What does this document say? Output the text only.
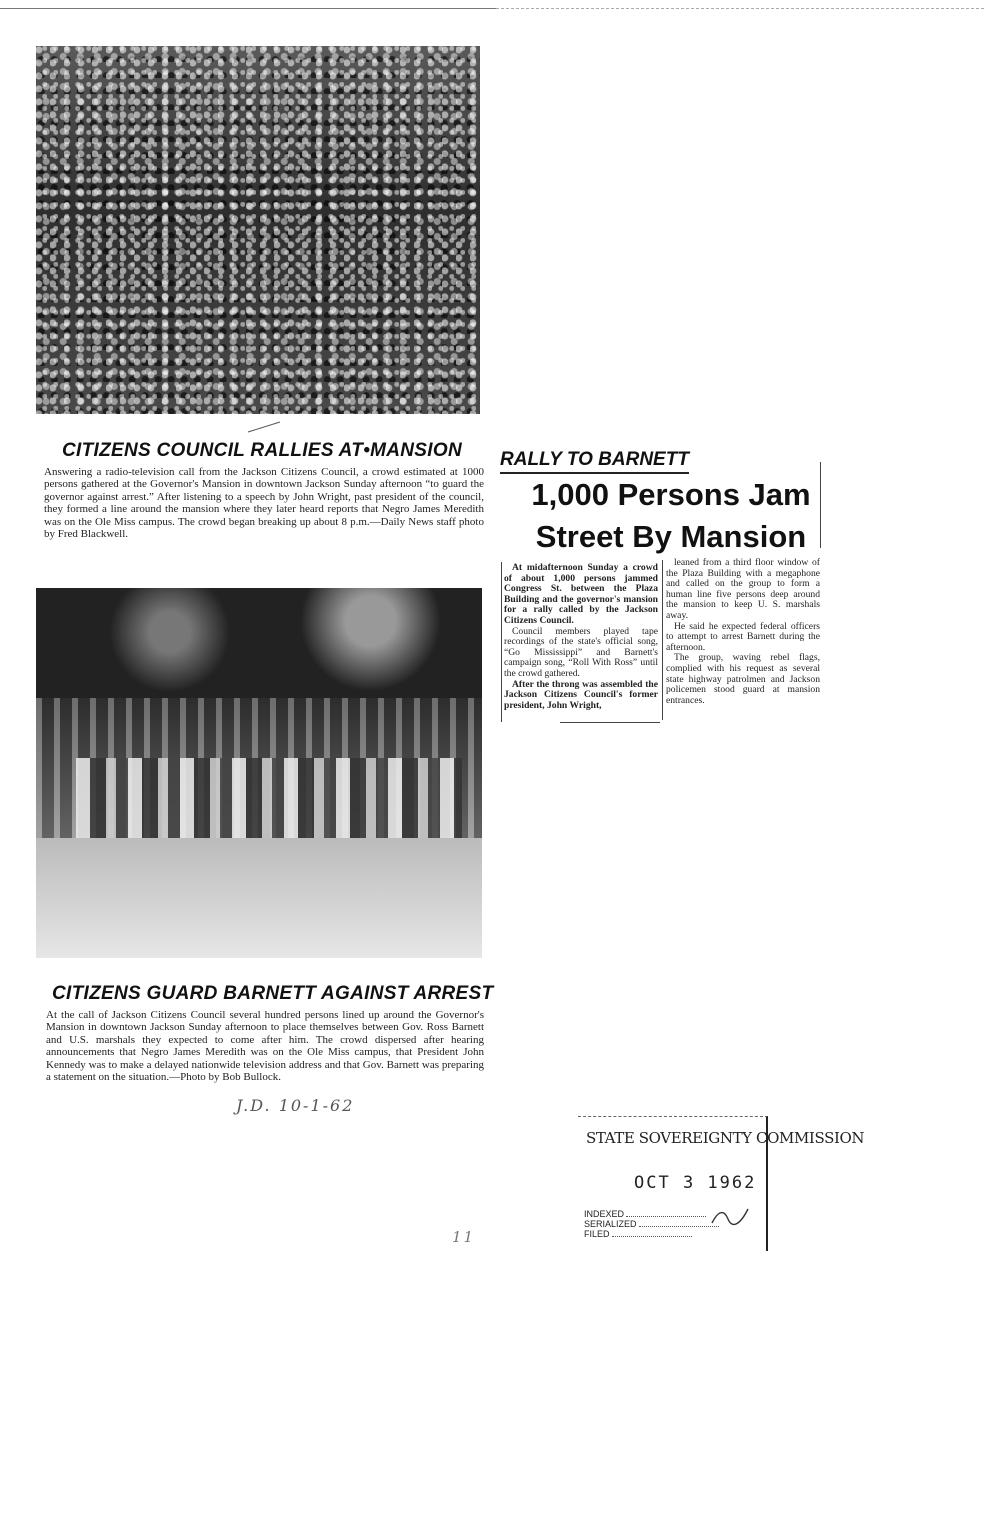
CITIZENS COUNCIL RALLIES AT•MANSION

Answering a radio-television call from the Jackson Citizens Council, a crowd estimated at 1000 persons gathered at the Governor's Mansion in downtown Jackson Sunday afternoon “to guard the governor against arrest.” After listening to a speech by John Wright, past president of the council, they formed a line around the mansion where they later heard reports that Negro James Meredith was on the Ole Miss campus. The crowd began breaking up about 8 p.m.—Daily News staff photo by Fred Blackwell.

CITIZENS GUARD BARNETT AGAINST ARREST

At the call of Jackson Citizens Council several hundred persons lined up around the Governor's Mansion in downtown Jackson Sunday afternoon to place themselves between Gov. Ross Barnett and U.S. marshals they expected to come after him. The crowd dispersed after hearing announcements that Negro James Meredith was on the Ole Miss campus, that President John Kennedy was to make a delayed nationwide television address and that Gov. Barnett was preparing a statement on the situation.—Photo by Bob Bullock.

J.D. 10-1-62
11
RALLY TO BARNETT
1,000 Persons Jam Street By Mansion

At midafternoon Sunday a crowd of about 1,000 persons jammed Congress St. between the Plaza Building and the governor's mansion for a rally called by the Jackson Citizens Council.

Council members played tape recordings of the state's official song, “Go Mississippi” and Barnett's campaign song, “Roll With Ross” until the crowd gathered.

After the throng was assembled the Jackson Citizens Council's former president, John Wright,

leaned from a third floor window of the Plaza Building with a megaphone and called on the group to form a human line five persons deep around the mansion to keep U. S. marshals away.

He said he expected federal officers to attempt to arrest Barnett during the afternoon.

The group, waving rebel flags, complied with his request as several state highway patrolmen and Jackson policemen stood guard at mansion entrances.

STATE SOVEREIGNTY COMMISSION
OCT 3 1962
INDEXED
SERIALIZED
FILED
